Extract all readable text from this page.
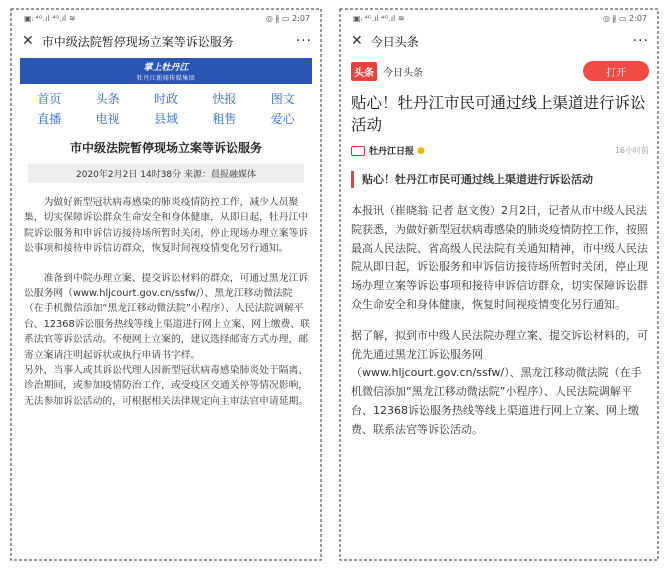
▣ᵢ ⁴ᴳ.ıl ⁴ᴳ.ıl ≋	◎ ∦ ▭ 2:07
✕ 市中级法院暂停现场立案等诉讼服务	···
掌上牡丹江
牡丹江新闻传媒集团
首页	头条	时政	快报	图文
直播	电视	县域	租售	爱心
市中级法院暂停现场立案等诉讼服务
2020年2月2日 14时38分 来源：晨报融媒体

为做好新型冠状病毒感染的肺炎疫情防控工作，减少人员聚集，切实保障诉讼群众生命安全和身体健康，从即日起，牡丹江中院诉讼服务和申诉信访接待场所暂时关闭，停止现场办理立案等诉讼事项和接待申诉信访群众，恢复时间视疫情变化另行通知。

准备到中院办理立案、提交诉讼材料的群众，可通过黑龙江诉讼服务网（www.hljcourt.gov.cn/ssfw/）、黑龙江移动微法院（在手机微信添加“黑龙江移动微法院”小程序）、人民法院调解平台、12368诉讼服务热线等线上渠道进行网上立案、网上缴费、联系法官等诉讼活动。不便网上立案的，建议选择邮寄方式办理，邮寄立案请注明起诉状或执行申请书字样。

另外，当事人或其诉讼代理人因新型冠状病毒感染肺炎处于隔离、诊治期间，或参加疫情防治工作，或受疫区交通关停等情况影响，无法参加诉讼活动的，可根据相关法律规定向主审法官申请延期。

▣ᵢ ⁴ᴳ.ıl ⁴ᴳ.ıl ≋	◎ ∦ ▭ 2:07
✕ 今日头条	···
头条 今日头条	打开
贴心！牡丹江市民可通过线上渠道进行诉讼活动
牡丹江日报 ●	16小时前
贴心！牡丹江市民可通过线上渠道进行诉讼活动

本报讯（崔晓翁 记者 赵文俊）2月2日，记者从市中级人民法院获悉，为做好新型冠状病毒感染的肺炎疫情防控工作，按照最高人民法院、省高级人民法院有关通知精神，市中级人民法院从即日起，诉讼服务和申诉信访接待场所暂时关闭，停止现场办理立案等诉讼事项和接待申诉信访群众，切实保障诉讼群众生命安全和身体健康，恢复时间视疫情变化另行通知。

据了解，拟到市中级人民法院办理立案、提交诉讼材料的，可优先通过黑龙江诉讼服务网（www.hljcourt.gov.cn/ssfw/）、黑龙江移动微法院（在手机微信添加“黑龙江移动微法院”小程序）、人民法院调解平台、12368诉讼服务热线等线上渠道进行网上立案、网上缴费、联系法官等诉讼活动。
